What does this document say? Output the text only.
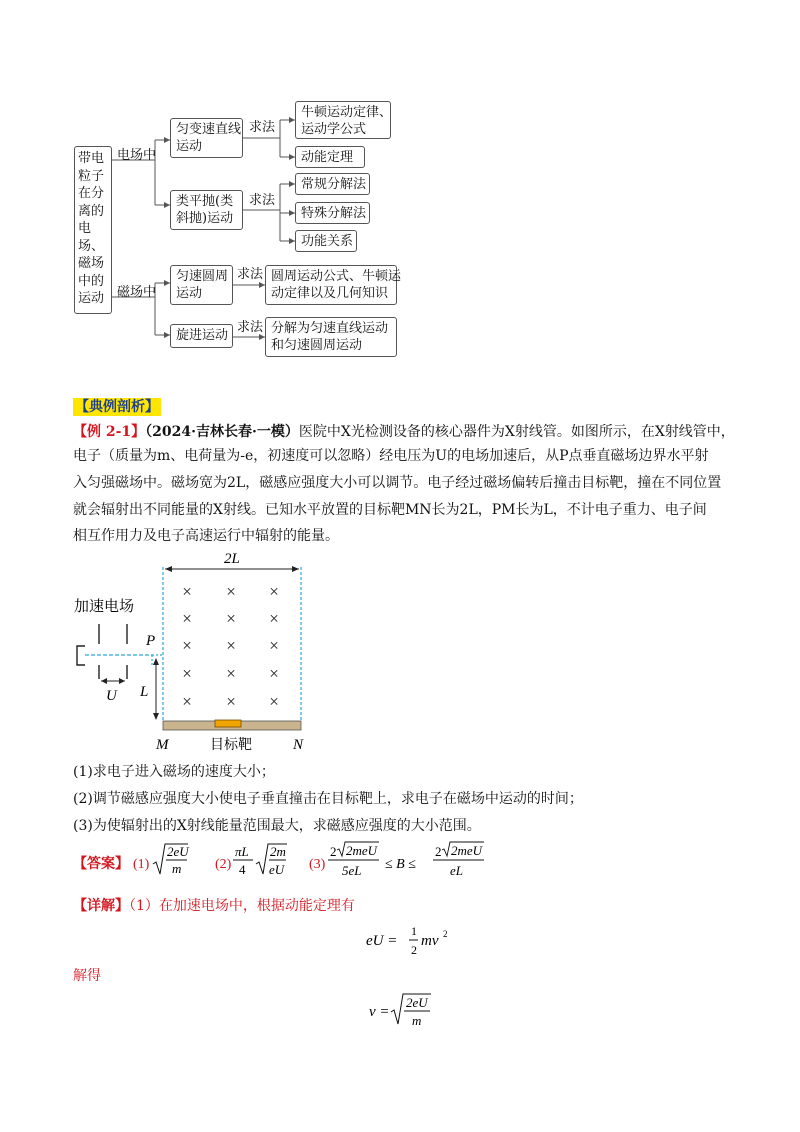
带电
粒子
在分
离的
电场、
磁场
中的
运动
电场中
磁场中
匀变速直线
运动
类平抛(类
斜抛)运动
匀速圆周
运动
旋进运动
求法
求法
求法
求法
牛顿运动定律、
运动学公式
动能定理
常规分解法
特殊分解法
功能关系
圆周运动公式、牛顿运
动定律以及几何知识
分解为匀速直线运动
和匀速圆周运动
【典例剖析】
【例 2-1】（2024·吉林长春·一模）医院中X光检测设备的核心器件为X射线管。如图所示，在X射线管中，
电子（质量为m、电荷量为-e，初速度可以忽略）经电压为U的电场加速后，从P点垂直磁场边界水平射
入匀强磁场中。磁场宽为2L，磁感应强度大小可以调节。电子经过磁场偏转后撞击目标靶，撞在不同位置
就会辐射出不同能量的X射线。已知水平放置的目标靶MN长为2L，PM长为L，不计电子重力、电子间
相互作用力及电子高速运行中辐射的能量。
2L
× × ×
× × ×
× × ×
× × ×
× × ×
加速电场
P
U L
M	N
目标靶
(1)求电子进入磁场的速度大小；
(2)调节磁感应强度大小使电子垂直撞击在目标靶上，求电子在磁场中运动的时间；
(3)为使辐射出的X射线能量范围最大，求磁感应强度的大小范围。
【答案】 (1)
2eU
m (2)
πL
4
2m
eU (3)
2 2meU
5eL ≤ B ≤
2 2meU
eL
【详解】（1）在加速电场中，根据动能定理有
eU =
1
2
mv 2
解得
v =
2eU
m
